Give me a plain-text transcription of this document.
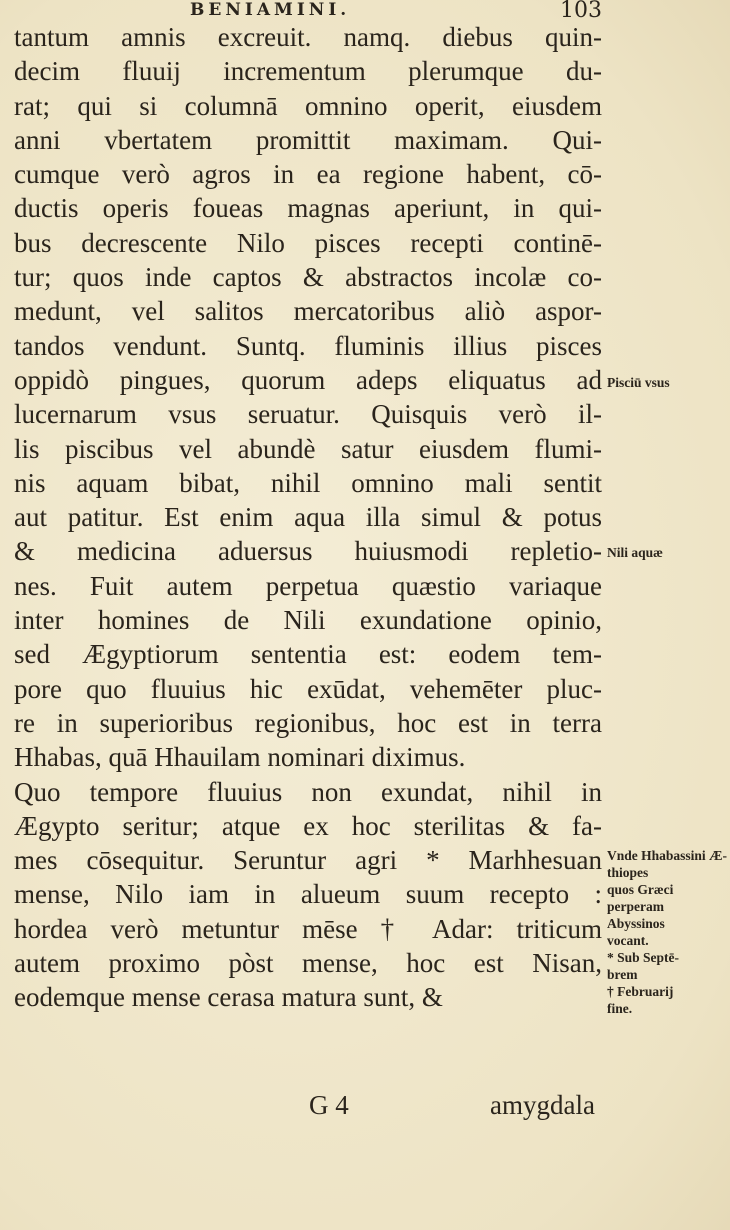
BENIAMINI.	103
tantum amnis excreuit. namq. diebus quin-
decim fluuij incrementum plerumque du-
rat; qui si columnā omnino operit, eiusdem
anni vbertatem promittit maximam. Qui-
cumque verò agros in ea regione habent, cō-
ductis operis foueas magnas aperiunt, in qui-
bus decrescente Nilo pisces recepti continē-
tur; quos inde captos & abstractos incolæ co-
medunt, vel salitos mercatoribus aliò aspor-
tandos vendunt. Suntq. fluminis illius pisces
oppidò pingues, quorum adeps eliquatus ad
lucernarum vsus seruatur. Quisquis verò il-
lis piscibus vel abundè satur eiusdem flumi-
nis aquam bibat, nihil omnino mali sentit
aut patitur. Est enim aqua illa simul & potus
& medicina aduersus huiusmodi repletio-
nes. Fuit autem perpetua quæstio variaque
inter homines de Nili exundatione opinio,
sed Ægyptiorum sententia est: eodem tem-
pore quo fluuius hic exūdat, vehemēter pluc-
re in superioribus regionibus, hoc est in terra
Hhabas, quā Hhauilam nominari diximus.
Quo tempore fluuius non exundat, nihil in
Ægypto seritur; atque ex hoc sterilitas & fa-
mes cōsequitur. Seruntur agri * Marhhesuan
mense, Nilo iam in alueum suum recepto :
hordea verò metuntur mēse † Adar: triticum
autem proximo pòst mense, hoc est Nisan,
eodemque mense cerasa matura sunt, &
Pisciū vsus
Nili aquæ
Vnde Hhabassini Æ-
thiopes
quos Græci
perperam
Abyssinos
vocant.
* Sub Septē-
brem
† Februarij
fine.
G 4	amygdala
